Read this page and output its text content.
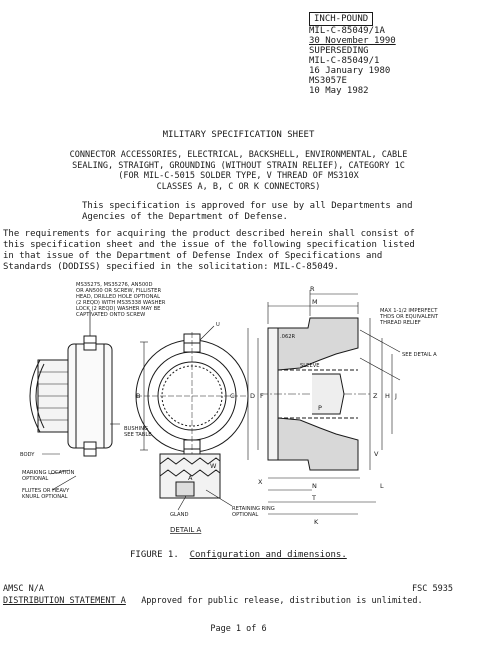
INCH-POUND
MIL-C-85049/1A
30 November 1990
SUPERSEDING
MIL-C-85049/1
16 January 1980
MS3057E
10 May 1982
MILITARY SPECIFICATION SHEET
CONNECTOR ACCESSORIES, ELECTRICAL, BACKSHELL, ENVIRONMENTAL, CABLE
SEALING, STRAIGHT, GROUNDING (WITHOUT STRAIN RELIEF), CATEGORY 1C
(FOR MIL-C-5015 SOLDER TYPE, V THREAD OF MS310X
CLASSES A, B, C OR K CONNECTORS)
This specification is approved for use by all Departments and
Agencies of the Department of Defense.
The requirements for acquiring the product described herein shall consist of
this specification sheet and the issue of the following specification listed
in that issue of the Department of Defense Index of Specifications and
Standards (DODISS) specified in the solicitation: MIL-C-85049.
MS35275, MS35276, AN500D
OR AN500 OR SCREW, FILLISTER
HEAD, DRILLED HOLE OPTIONAL
(2 REQD) WITH MS35338 WASHER
LOCK (2 REQD) WASHER MAY BE
CAPTIVATED ONTO SCREW
U
BUSHING
SEE TABLE
BODY
MARKING LOCATION
OPTIONAL
FLUTES OR HEAVY
KNURL OPTIONAL
GLAND
RETAINING RING
OPTIONAL
MAX 1-1/2 IMPERFECT
THDS OR EQUIVALENT
THREAD RELIEF
SEE DETAIL A
SLEEVE
.062R
R
M
D F	Z H J
N
P
V
X
T
L
K
A
W
B	C
DETAIL A
FIGURE 1. Configuration and dimensions.
AMSC N/A	FSC 5935
DISTRIBUTION STATEMENT A Approved for public release, distribution is unlimited.
Page 1 of 6
